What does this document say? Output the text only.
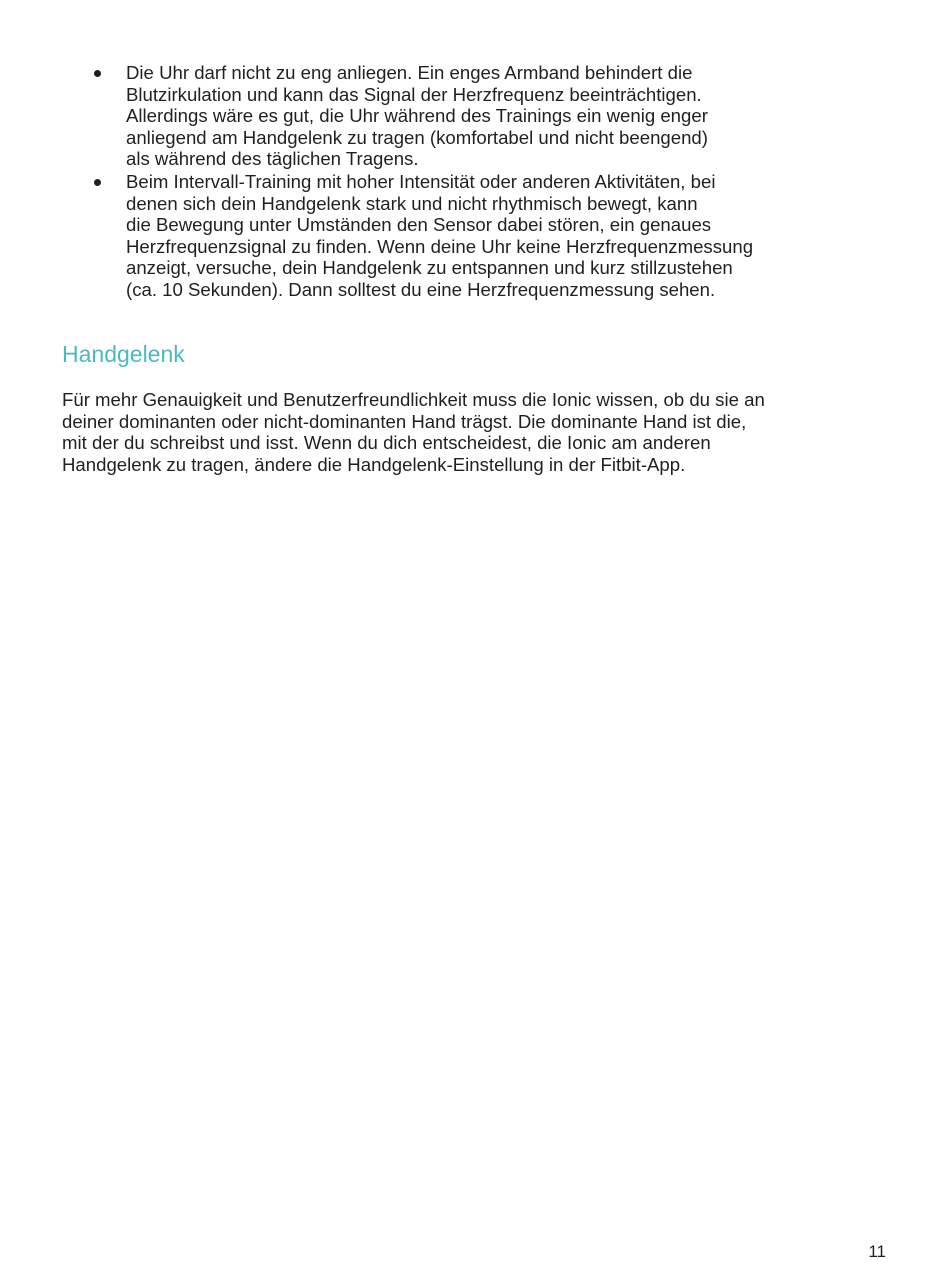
Die Uhr darf nicht zu eng anliegen. Ein enges Armband behindert die
Blutzirkulation und kann das Signal der Herzfrequenz beeinträchtigen.
Allerdings wäre es gut, die Uhr während des Trainings ein wenig enger
anliegend am Handgelenk zu tragen (komfortabel und nicht beengend)
als während des täglichen Tragens.
Beim Intervall-Training mit hoher Intensität oder anderen Aktivitäten, bei
denen sich dein Handgelenk stark und nicht rhythmisch bewegt, kann
die Bewegung unter Umständen den Sensor dabei stören, ein genaues
Herzfrequenzsignal zu finden. Wenn deine Uhr keine Herzfrequenzmessung
anzeigt, versuche, dein Handgelenk zu entspannen und kurz stillzustehen
(ca. 10 Sekunden). Dann solltest du eine Herzfrequenzmessung sehen.
Handgelenk

Für mehr Genauigkeit und Benutzerfreundlichkeit muss die Ionic wissen, ob du sie an
deiner dominanten oder nicht-dominanten Hand trägst. Die dominante Hand ist die,
mit der du schreibst und isst. Wenn du dich entscheidest, die Ionic am anderen
Handgelenk zu tragen, ändere die Handgelenk-Einstellung in der Fitbit-App.

11
